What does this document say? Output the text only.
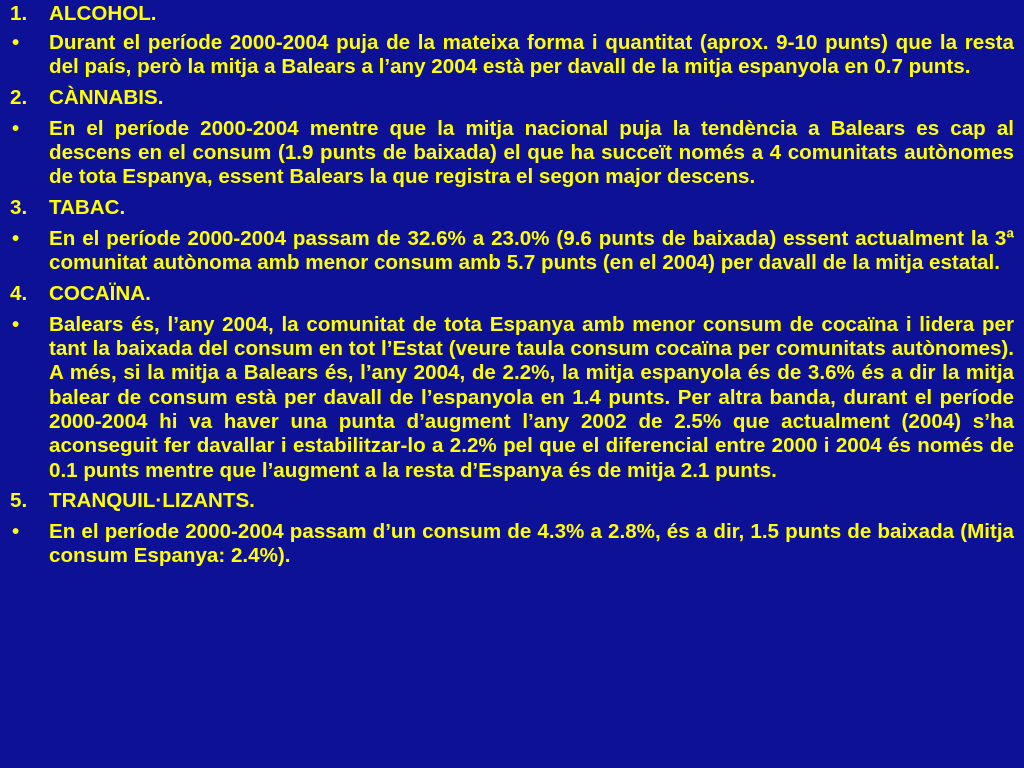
1. ALCOHOL.
• Durant el període 2000-2004 puja de la mateixa forma i quantitat (aprox. 9-10 punts) que la resta del país, però la mitja a Balears a l’any 2004 està per davall de la mitja espanyola en 0.7 punts.
2. CÀNNABIS.
• En el període 2000-2004 mentre que la mitja nacional puja la tendència a Balears es cap al descens en el consum (1.9 punts de baixada) el que ha succeït només a 4 comunitats autònomes de tota Espanya, essent Balears la que registra el segon major descens.
3. TABAC.
• En el període 2000-2004 passam de 32.6% a 23.0% (9.6 punts de baixada) essent actualment la 3ª comunitat autònoma amb menor consum amb 5.7 punts (en el 2004) per davall de la mitja estatal.
4. COCAÏNA.
• Balears és, l’any 2004, la comunitat de tota Espanya amb menor consum de cocaïna i lidera per tant la baixada del consum en tot l’Estat (veure taula consum cocaïna per comunitats autònomes). A més, si la mitja a Balears és, l’any 2004, de 2.2%, la mitja espanyola és de 3.6% és a dir la mitja balear de consum està per davall de l’espanyola en 1.4 punts. Per altra banda, durant el període 2000-2004 hi va haver una punta d’augment l’any 2002 de 2.5% que actualment (2004) s’ha aconseguit fer davallar i estabilitzar-lo a 2.2% pel que el diferencial entre 2000 i 2004 és només de 0.1 punts mentre que l’augment a la resta d’Espanya és de mitja 2.1 punts.
5. TRANQUIL·LIZANTS.
• En el període 2000-2004 passam d’un consum de 4.3% a 2.8%, és a dir, 1.5 punts de baixada (Mitja consum Espanya: 2.4%).
